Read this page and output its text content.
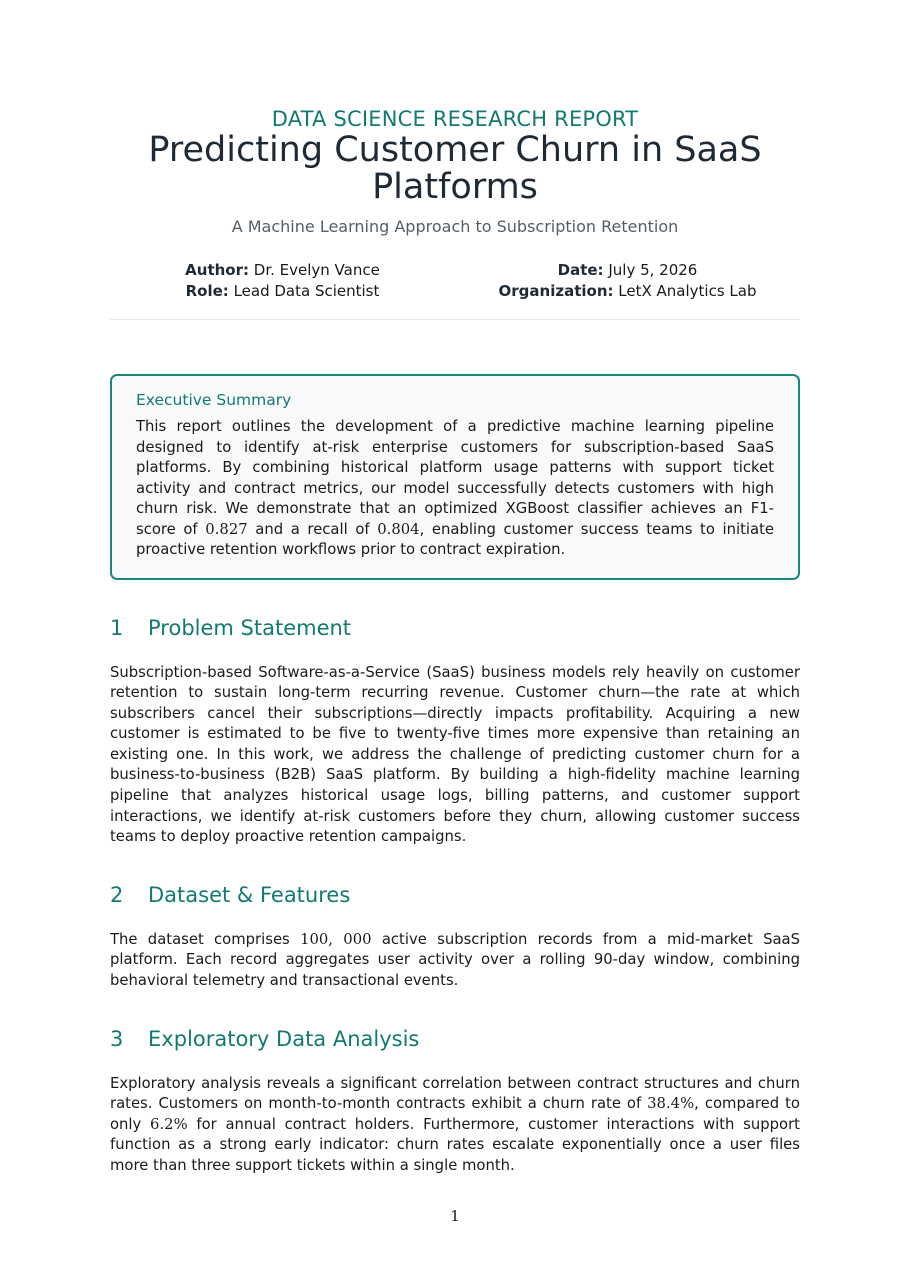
DATA SCIENCE RESEARCH REPORT
Predicting Customer Churn in SaaS Platforms
A Machine Learning Approach to Subscription Retention
Author: Dr. Evelyn Vance
Role: Lead Data Scientist
Date: July 5, 2026
Organization: LetX Analytics Lab
Executive Summary

This report outlines the development of a predictive machine learning pipeline designed to identify at-risk enterprise customers for subscription-based SaaS platforms. By combining historical platform usage patterns with support ticket activity and contract metrics, our model successfully detects customers with high churn risk. We demonstrate that an optimized XGBoost classifier achieves an F1-score of 0.827 and a recall of 0.804, enabling customer success teams to initiate proactive retention workflows prior to contract expiration.

1	Problem Statement

Subscription-based Software-as-a-Service (SaaS) business models rely heavily on customer retention to sustain long-term recurring revenue. Customer churn—the rate at which subscribers cancel their subscriptions—directly impacts profitability. Acquiring a new customer is estimated to be five to twenty-five times more expensive than retaining an existing one. In this work, we address the challenge of predicting customer churn for a business-to-business (B2B) SaaS platform. By building a high-fidelity machine learning pipeline that analyzes historical usage logs, billing patterns, and customer support interactions, we identify at-risk customers before they churn, allowing customer success teams to deploy proactive retention campaigns.

2	Dataset & Features

The dataset comprises 100, 000 active subscription records from a mid-market SaaS platform. Each record aggregates user activity over a rolling 90-day window, combining behavioral telemetry and transactional events.

3	Exploratory Data Analysis

Exploratory analysis reveals a significant correlation between contract structures and churn rates. Customers on month-to-month contracts exhibit a churn rate of 38.4%, compared to only 6.2% for annual contract holders. Furthermore, customer interactions with support function as a strong early indicator: churn rates escalate exponentially once a user files more than three support tickets within a single month.

1
